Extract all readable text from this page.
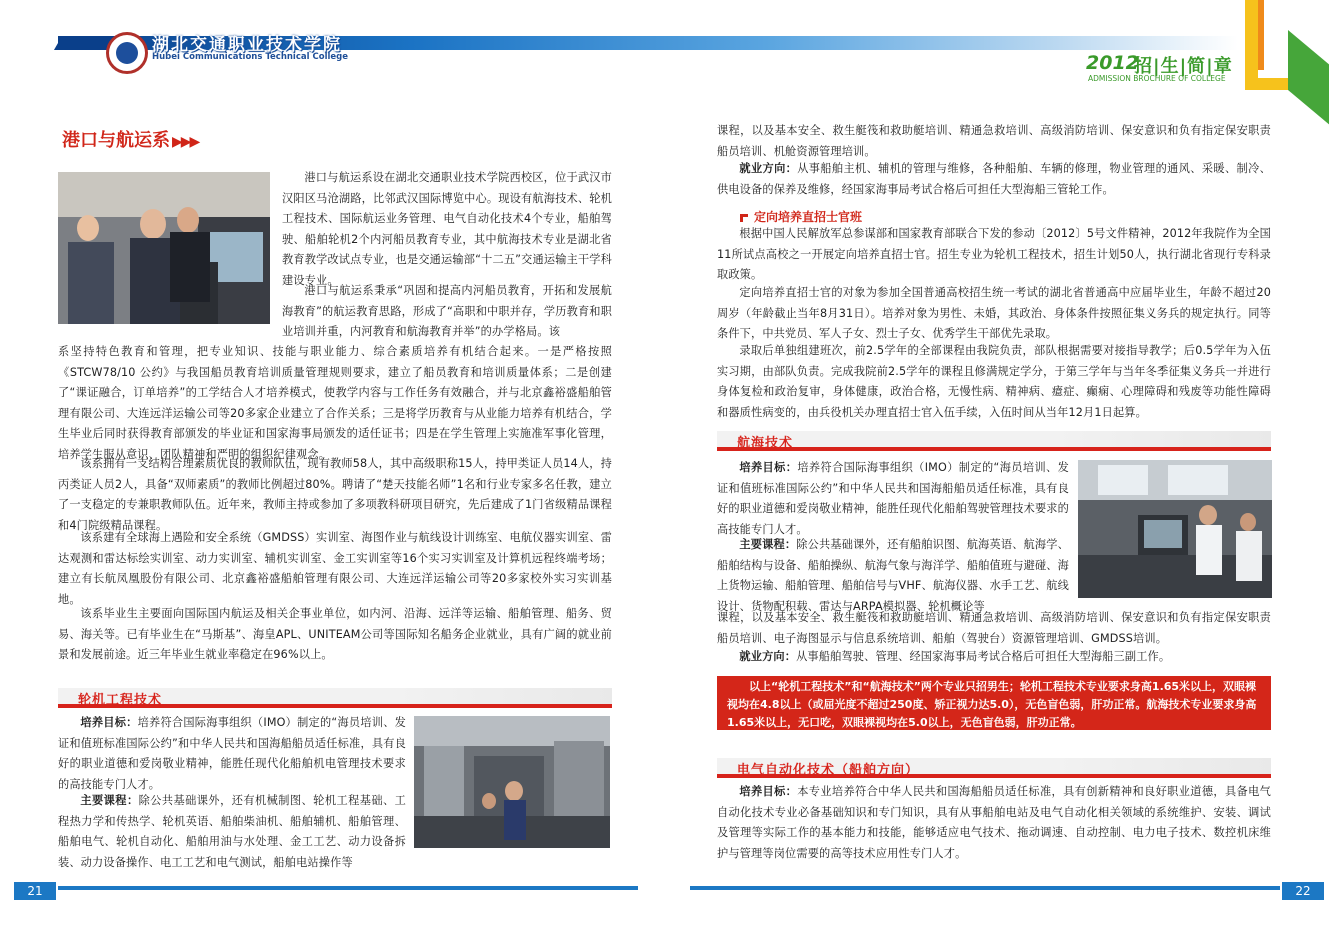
湖北交通职业技术学院
Hubei Communications Technical College	2012
招|生|简|章
ADMISSION BROCHURE OF COLLEGE
港口与航运系 ▶▶▶
港口与航运系设在湖北交通职业技术学院西校区，位于武汉市汉阳区马沧湖路，比邻武汉国际博览中心。现设有航海技术、轮机工程技术、国际航运业务管理、电气自动化技术4个专业，船舶驾驶、船舶轮机2个内河船员教育专业，其中航海技术专业是湖北省教育教学改试点专业，也是交通运输部“十二五”交通运输主干学科建设专业。
港口与航运系秉承“巩固和提高内河船员教育，开拓和发展航海教育”的航运教育思路，形成了“高职和中职并存，学历教育和职业培训并重，内河教育和航海教育并举”的办学格局。该
系坚持特色教育和管理，把专业知识、技能与职业能力、综合素质培养有机结合起来。一是严格按照《STCW78/10 公约》与我国船员教育培训质量管理规则要求，建立了船员教育和培训质量体系；二是创建了“课证融合，订单培养”的工学结合人才培养模式，使教学内容与工作任务有效融合，并与北京鑫裕盛船舶管理有限公司、大连远洋运输公司等20多家企业建立了合作关系；三是将学历教育与从业能力培养有机结合，学生毕业后同时获得教育部颁发的毕业证和国家海事局颁发的适任证书；四是在学生管理上实施准军事化管理，培养学生服从意识、团队精神和严明的组织纪律观念。
该系拥有一支结构合理素质优良的教师队伍，现有教师58人，其中高级职称15人，持甲类证人员14人，持丙类证人员2人，具备“双师素质”的教师比例超过80%。聘请了“楚天技能名师”1名和行业专家多名任教，建立了一支稳定的专兼职教师队伍。近年来，教师主持或参加了多项教科研项目研究，先后建成了1门省级精品课程和4门院级精品课程。
该系建有全球海上遇险和安全系统（GMDSS）实训室、海图作业与航线设计训练室、电航仪器实训室、雷达观测和雷达标绘实训室、动力实训室、辅机实训室、金工实训室等16个实习实训室及计算机远程终端考场；建立有长航凤凰股份有限公司、北京鑫裕盛船舶管理有限公司、大连远洋运输公司等20多家校外实习实训基地。
该系毕业生主要面向国际国内航运及相关企事业单位，如内河、沿海、远洋等运输、船舶管理、船务、贸易、海关等。已有毕业生在“马斯基”、海皇APL、UNITEAM公司等国际知名船务企业就业，具有广阔的就业前景和发展前途。近三年毕业生就业率稳定在96%以上。
轮机工程技术
培养目标：培养符合国际海事组织（IMO）制定的“海员培训、发证和值班标准国际公约”和中华人民共和国海船船员适任标准，具有良好的职业道德和爱岗敬业精神，能胜任现代化船舶机电管理技术要求的高技能专门人才。
主要课程：除公共基础课外，还有机械制图、轮机工程基础、工程热力学和传热学、轮机英语、船舶柴油机、船舶辅机、船舶管理、船舶电气、轮机自动化、船舶用油与水处理、金工工艺、动力设备拆装、动力设备操作、电工工艺和电气测试，船舶电站操作等
21
课程，以及基本安全、救生艇筏和救助艇培训、精通急救培训、高级消防培训、保安意识和负有指定保安职责船员培训、机舱资源管理培训。
就业方向：从事船舶主机、辅机的管理与维修，各种船舶、车辆的修理，物业管理的通风、采暖、制冷、供电设备的保养及维修，经国家海事局考试合格后可担任大型海船三管轮工作。
定向培养直招士官班
根据中国人民解放军总参谋部和国家教育部联合下发的参动〔2012〕5号文件精神，2012年我院作为全国11所试点高校之一开展定向培养直招士官。招生专业为轮机工程技术，招生计划50人，执行湖北省现行专科录取政策。
定向培养直招士官的对象为参加全国普通高校招生统一考试的湖北省普通高中应届毕业生，年龄不超过20周岁（年龄截止当年8月31日）。培养对象为男性、未婚，其政治、身体条件按照征集义务兵的规定执行。同等条件下，中共党员、军人子女、烈士子女、优秀学生干部优先录取。
录取后单独组建班次，前2.5学年的全部课程由我院负责，部队根据需要对接指导教学；后0.5学年为入伍实习期，由部队负责。完成我院前2.5学年的课程且修满规定学分，于第三学年与当年冬季征集义务兵一并进行身体复检和政治复审，身体健康，政治合格，无慢性病、精神病、癔症、癫痫、心理障碍和残废等功能性障碍和器质性病变的，由兵役机关办理直招士官入伍手续，入伍时间从当年12月1日起算。
航海技术
培养目标：培养符合国际海事组织（IMO）制定的“海员培训、发证和值班标准国际公约”和中华人民共和国海船船员适任标准，具有良好的职业道德和爱岗敬业精神，能胜任现代化船舶驾驶管理技术要求的高技能专门人才。
主要课程：除公共基础课外，还有船舶识图、航海英语、航海学、船舶结构与设备、船舶操纵、航海气象与海洋学、船舶值班与避碰、海上货物运输、船舶管理、船舶信号与VHF、航海仪器、水手工艺、航线设计、货物配积载、雷达与ARPA模拟器、轮机概论等
课程，以及基本安全、救生艇筏和救助艇培训、精通急救培训、高级消防培训、保安意识和负有指定保安职责船员培训、电子海图显示与信息系统培训、船舶（驾驶台）资源管理培训、GMDSS培训。
就业方向：从事船舶驾驶、管理、经国家海事局考试合格后可担任大型海船三副工作。
以上“轮机工程技术”和“航海技术”两个专业只招男生；轮机工程技术专业要求身高1.65米以上，双眼裸视均在4.8以上（或屈光度不超过250度、矫正视力达5.0），无色盲色弱，肝功正常。航海技术专业要求身高1.65米以上，无口吃，双眼裸视均在5.0以上，无色盲色弱，肝功正常。
电气自动化技术（船舶方向）
培养目标：本专业培养符合中华人民共和国海船船员适任标准，具有创新精神和良好职业道德，具备电气自动化技术专业必备基础知识和专门知识，具有从事船舶电站及电气自动化相关领域的系统维护、安装、调试及管理等实际工作的基本能力和技能，能够适应电气技术、拖动调速、自动控制、电力电子技术、数控机床维护与管理等岗位需要的高等技术应用性专门人才。
22
